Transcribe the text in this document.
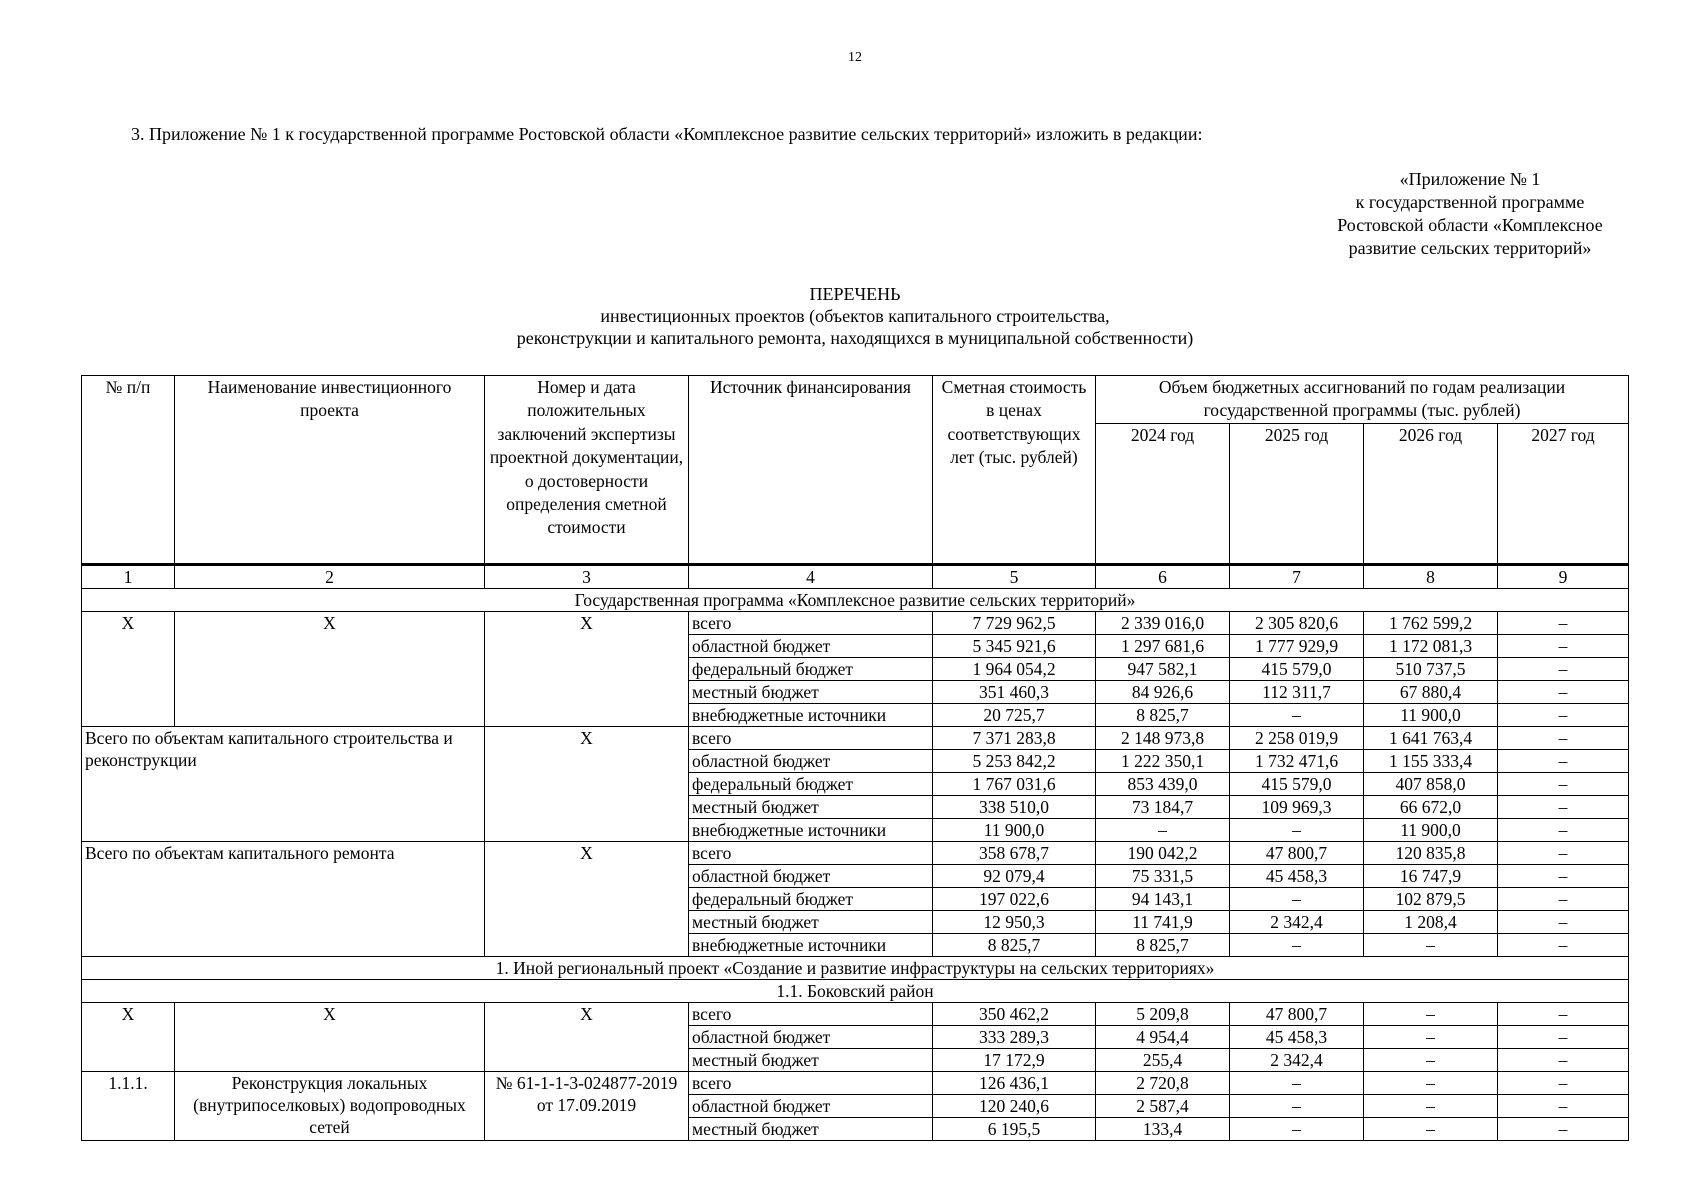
12
3. Приложение № 1 к государственной программе Ростовской области «Комплексное развитие сельских территорий» изложить в редакции:
«Приложение № 1
к государственной программе
Ростовской области «Комплексное
развитие сельских территорий»
ПЕРЕЧЕНЬ
инвестиционных проектов (объектов капитального строительства,
реконструкции и капитального ремонта, находящихся в муниципальной собственности)
№ п/п	Наименование инвестиционного проекта	Номер и дата положительных заключений экспертизы проектной документации, о достоверности определения сметной стоимости	Источник финансирования	Сметная стоимость в ценах соответствующих лет (тыс. рублей)	Объем бюджетных ассигнований по годам реализации государственной программы (тыс. рублей)			
					2024 год	2025 год	2026 год	2027 год
1	2	3	4	5	6	7	8	9
Государственная программа «Комплексное развитие сельских территорий»								
X	X	X	всего	7 729 962,5	2 339 016,0	2 305 820,6	1 762 599,2	–
			областной бюджет	5 345 921,6	1 297 681,6	1 777 929,9	1 172 081,3	–
			федеральный бюджет	1 964 054,2	947 582,1	415 579,0	510 737,5	–
			местный бюджет	351 460,3	84 926,6	112 311,7	67 880,4	–
			внебюджетные источники	20 725,7	8 825,7	–	11 900,0	–
Всего по объектам капитального строительства и реконструкции		X	всего	7 371 283,8	2 148 973,8	2 258 019,9	1 641 763,4	–
			областной бюджет	5 253 842,2	1 222 350,1	1 732 471,6	1 155 333,4	–
			федеральный бюджет	1 767 031,6	853 439,0	415 579,0	407 858,0	–
			местный бюджет	338 510,0	73 184,7	109 969,3	66 672,0	–
			внебюджетные источники	11 900,0	–	–	11 900,0	–
Всего по объектам капитального ремонта		X	всего	358 678,7	190 042,2	47 800,7	120 835,8	–
			областной бюджет	92 079,4	75 331,5	45 458,3	16 747,9	–
			федеральный бюджет	197 022,6	94 143,1	–	102 879,5	–
			местный бюджет	12 950,3	11 741,9	2 342,4	1 208,4	–
			внебюджетные источники	8 825,7	8 825,7	–	–	–
1. Иной региональный проект «Создание и развитие инфраструктуры на сельских территориях»								
1.1. Боковский район								
X	X	X	всего	350 462,2	5 209,8	47 800,7	–	–
			областной бюджет	333 289,3	4 954,4	45 458,3	–	–
			местный бюджет	17 172,9	255,4	2 342,4	–	–
1.1.1.	Реконструкция локальных (внутрипоселковых) водопроводных сетей	№ 61-1-1-3-024877-2019 от 17.09.2019	всего	126 436,1	2 720,8	–	–	–
			областной бюджет	120 240,6	2 587,4	–	–	–
			местный бюджет	6 195,5	133,4	–	–	–
